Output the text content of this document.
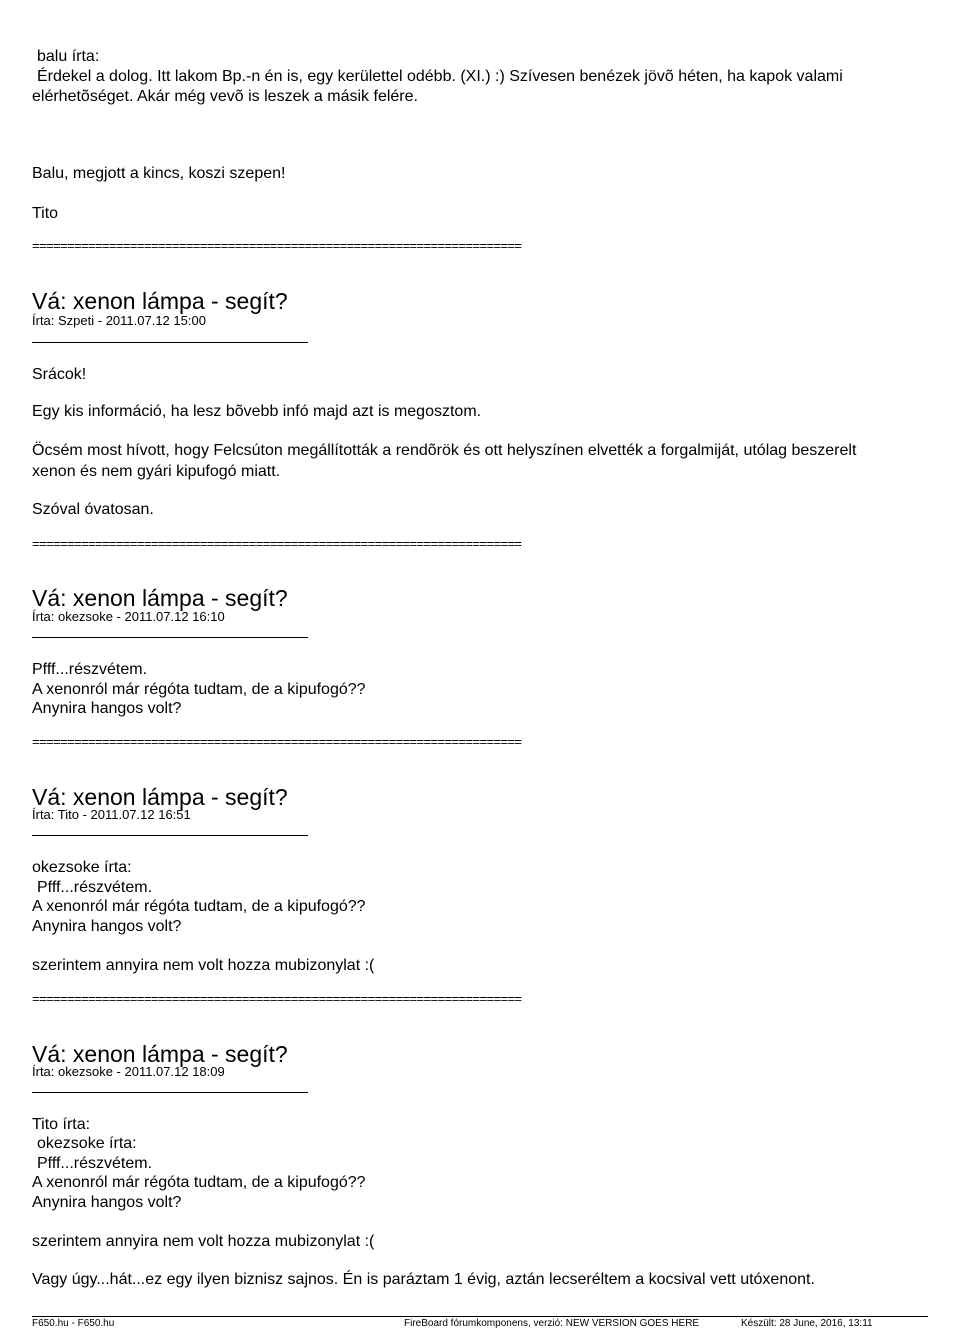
balu írta:
Érdekel a dolog. Itt lakom Bp.-n én is, egy kerülettel odébb. (XI.) :) Szívesen benézek jövõ héten, ha kapok valami
elérhetõséget. Akár még vevõ is leszek a másik felére.
Balu, megjott a kincs, koszi szepen!
Tito
======================================================================
Vá: xenon lámpa - segít?
Írta: Szpeti - 2011.07.12 15:00
Srácok!
Egy kis információ, ha lesz bõvebb infó majd azt is megosztom.
Öcsém most hívott, hogy Felcsúton megállították a rendõrök és ott helyszínen elvették a forgalmiját, utólag beszerelt
xenon és nem gyári kipufogó miatt.
Szóval óvatosan.
======================================================================
Vá: xenon lámpa - segít?
Írta: okezsoke - 2011.07.12 16:10
Pfff...részvétem.
A xenonról már régóta tudtam, de a kipufogó??
Anynira hangos volt?
======================================================================
Vá: xenon lámpa - segít?
Írta: Tito - 2011.07.12 16:51
okezsoke írta:
Pfff...részvétem.
A xenonról már régóta tudtam, de a kipufogó??
Anynira hangos volt?
szerintem annyira nem volt hozza mubizonylat :(
======================================================================
Vá: xenon lámpa - segít?
Írta: okezsoke - 2011.07.12 18:09
Tito írta:
okezsoke írta:
Pfff...részvétem.
A xenonról már régóta tudtam, de a kipufogó??
Anynira hangos volt?
szerintem annyira nem volt hozza mubizonylat :(
Vagy úgy...hát...ez egy ilyen biznisz sajnos. Én is paráztam 1 évig, aztán lecseréltem a kocsival vett utóxenont.
F650.hu - F650.hu	FireBoard fórumkomponens, verzió: NEW VERSION GOES HERE	Készült: 28 June, 2016, 13:11
